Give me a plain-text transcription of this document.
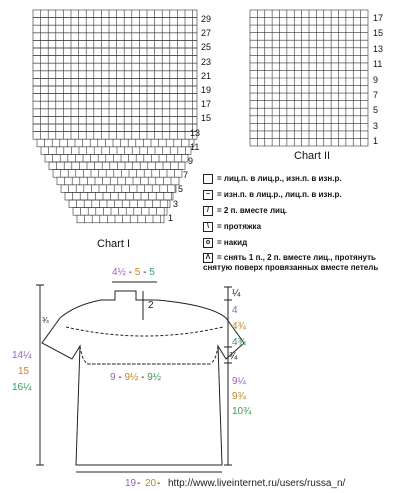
29
27
25
23
21
19
17
15
13
11
9
7
5
3
1
Chart I
17
15
13
11
9
7
5
3
1
Chart II
= лиц.п. в лиц.р., изн.п. в изн.р.
− = изн.п. в лиц.р., лиц.п. в изн.р.
/ = 2 п. вместе лиц.
\ = протяжка
o = накид
Λ = снять 1 п., 2 п. вместе лиц., протянуть снятую поверх провязанных вместе петель
4½ - 5 - 5
2
¾
¼
4
4¾
4¾
¾
9 - 9½ - 9½	9¼
9¾
10¾
14¼
15
16¼
19 - 20 - http://www.liveinternet.ru/users/russa_n/
